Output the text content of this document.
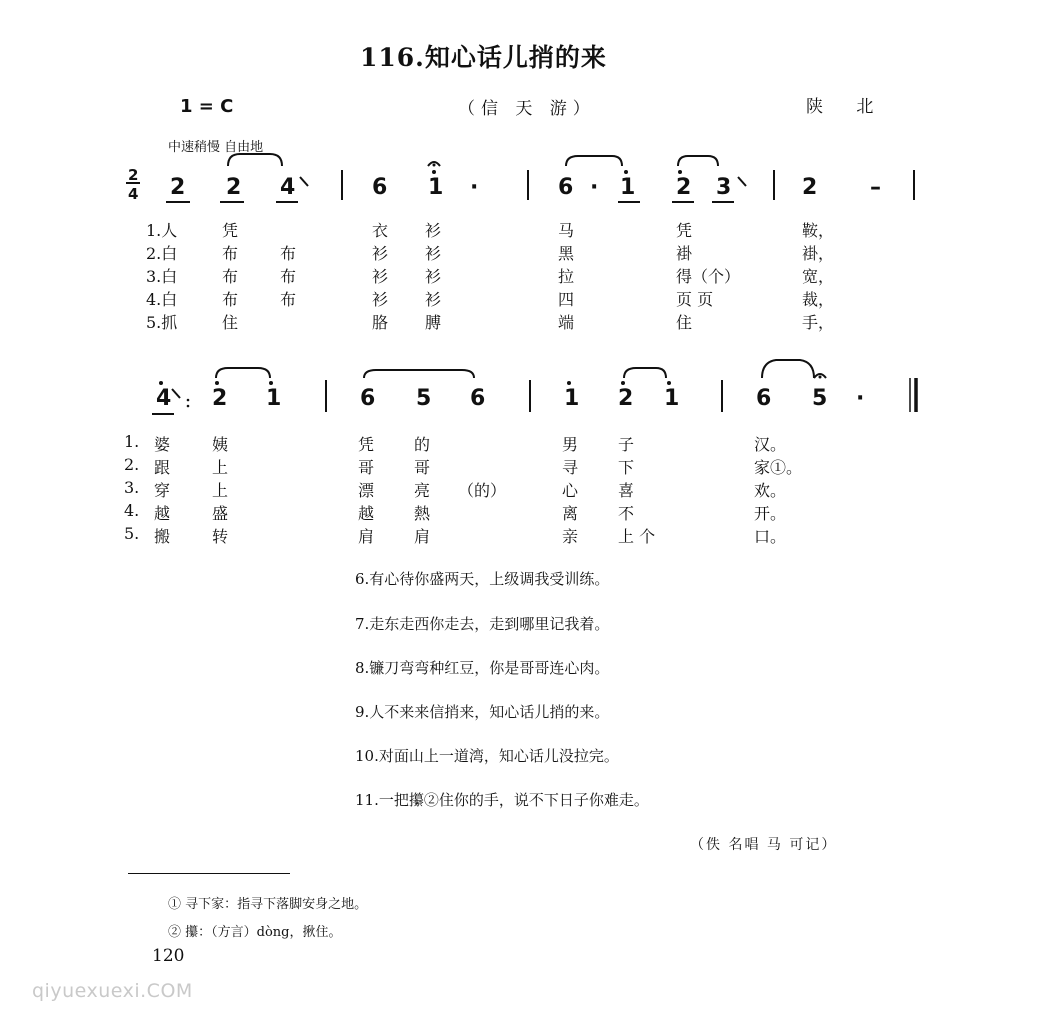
116.知心话儿捎的来
1 = C	（信 天 游）	陕 北
中速稍慢 自由地
2
4 2 2 4	6 1 ·	6 · 1 2 3	2 –
1.人	凭	衣 衫	马	凭	鞍，
2.白	布	布	衫 衫	黑	褂	褂，
3.白	布	布	衫 衫	拉	得（个）	宽，
4.白	布	布	衫 衫	四	页 页	裁，
5.抓	住	胳 膊	端	住	手，
4 2 1	6 5 6	1 2 1	6 5 ·
1. 婆	姨	凭 的	男 子	汉。
2. 跟	上	哥 哥	寻 下	家①。
3. 穿	上	漂 亮 （的）	心 喜	欢。
4. 越	盛	越 熱	离 不	开。
5. 搬	转	肩 肩	亲 上 个	口。
6.有心待你盛两天，上级调我受训练。
7.走东走西你走去，走到哪里记我着。
8.镰刀弯弯种红豆，你是哥哥连心肉。
9.人不来来信捎来，知心话儿捎的来。
10.对面山上一道湾，知心话儿没拉完。
11.一把攥②住你的手，说不下日子你难走。
（佚 名唱 马 可记）
① 寻下家：指寻下落脚安身之地。
② 攥：（方言）dòng，揪住。
120
qiyuexuexi.COM
